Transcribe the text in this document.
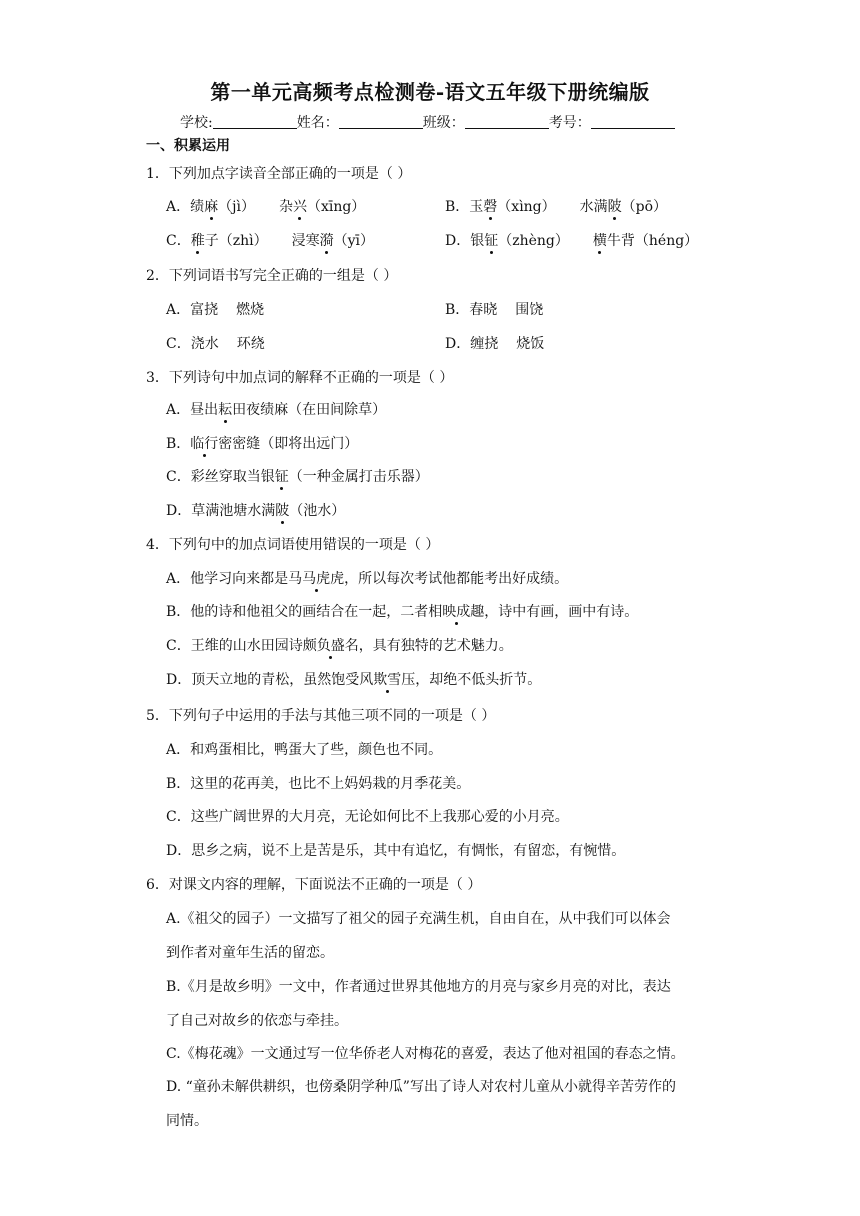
第一单元高频考点检测卷-语文五年级下册统编版
学校:	姓名：	班级：	考号：
一、积累运用
1．下列加点字读音全部正确的一项是（ ）
A．绩麻（jì） 杂兴（xīng）	B．玉磬（xìng） 水满陂（pō）
C．稚子（zhì） 浸寒漪（yī）	D．银钲（zhèng） 横牛背（héng）
2．下列词语书写完全正确的一组是（ ）
A．富挠 燃烧	B．春晓 围饶
C．浇水 环绕	D．缠挠 烧饭
3．下列诗句中加点词的解释不正确的一项是（ ）
A．昼出耘田夜绩麻（在田间除草）
B．临行密密缝（即将出远门）
C．彩丝穿取当银钲（一种金属打击乐器）
D．草满池塘水满陂（池水）
4．下列句中的加点词语使用错误的一项是（ ）
A．他学习向来都是马马虎虎，所以每次考试他都能考出好成绩。
B．他的诗和他祖父的画结合在一起，二者相映成趣，诗中有画，画中有诗。
C．王维的山水田园诗颇负盛名，具有独特的艺术魅力。
D．顶天立地的青松，虽然饱受风欺雪压，却绝不低头折节。
5．下列句子中运用的手法与其他三项不同的一项是（ ）
A．和鸡蛋相比，鸭蛋大了些，颜色也不同。
B．这里的花再美，也比不上妈妈栽的月季花美。
C．这些广阔世界的大月亮，无论如何比不上我那心爱的小月亮。
D．思乡之病，说不上是苦是乐，其中有追忆，有惆怅，有留恋，有惋惜。
6．对课文内容的理解，下面说法不正确的一项是（ ）
A.《祖父的园子）一文描写了祖父的园子充满生机，自由自在，从中我们可以体会
到作者对童年生活的留恋。
B.《月是故乡明》一文中，作者通过世界其他地方的月亮与家乡月亮的对比，表达
了自己对故乡的依恋与牵挂。
C.《梅花魂》一文通过写一位华侨老人对梅花的喜爱，表达了他对祖国的春态之情。
D. “童孙未解供耕织，也傍桑阴学种瓜”写出了诗人对农村儿童从小就得辛苦劳作的
同情。
